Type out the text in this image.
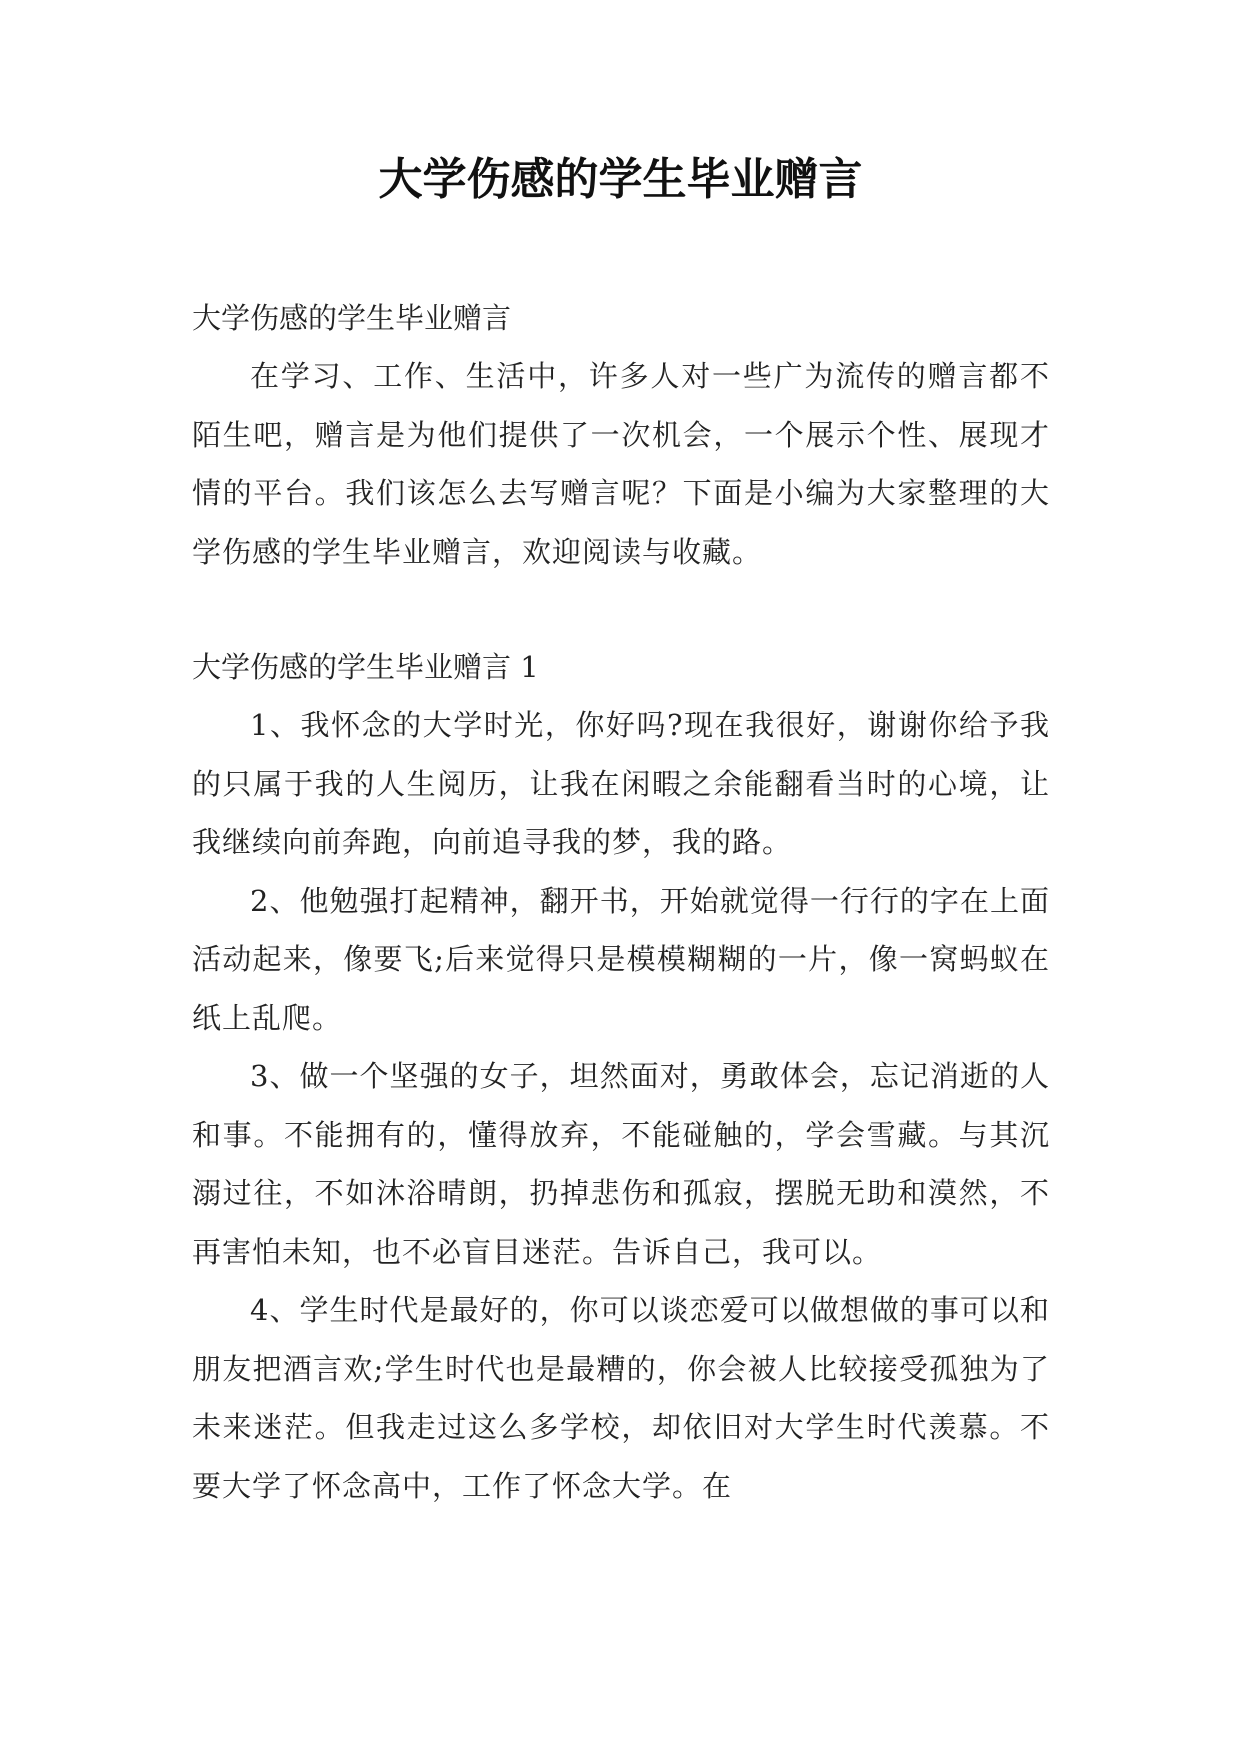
大学伤感的学生毕业赠言
大学伤感的学生毕业赠言
在学习、工作、生活中，许多人对一些广为流传的赠言都不陌生吧，赠言是为他们提供了一次机会，一个展示个性、展现才情的平台。我们该怎么去写赠言呢？下面是小编为大家整理的大学伤感的学生毕业赠言，欢迎阅读与收藏。
大学伤感的学生毕业赠言 1
1、我怀念的大学时光，你好吗?现在我很好，谢谢你给予我的只属于我的人生阅历，让我在闲暇之余能翻看当时的心境，让我继续向前奔跑，向前追寻我的梦，我的路。
2、他勉强打起精神，翻开书，开始就觉得一行行的字在上面活动起来，像要飞;后来觉得只是模模糊糊的一片，像一窝蚂蚁在纸上乱爬。
3、做一个坚强的女子，坦然面对，勇敢体会，忘记消逝的人和事。不能拥有的，懂得放弃，不能碰触的，学会雪藏。与其沉溺过往，不如沐浴晴朗，扔掉悲伤和孤寂，摆脱无助和漠然，不再害怕未知，也不必盲目迷茫。告诉自己，我可以。
4、学生时代是最好的，你可以谈恋爱可以做想做的事可以和朋友把酒言欢;学生时代也是最糟的，你会被人比较接受孤独为了未来迷茫。但我走过这么多学校，却依旧对大学生时代羡慕。不要大学了怀念高中，工作了怀念大学。在
